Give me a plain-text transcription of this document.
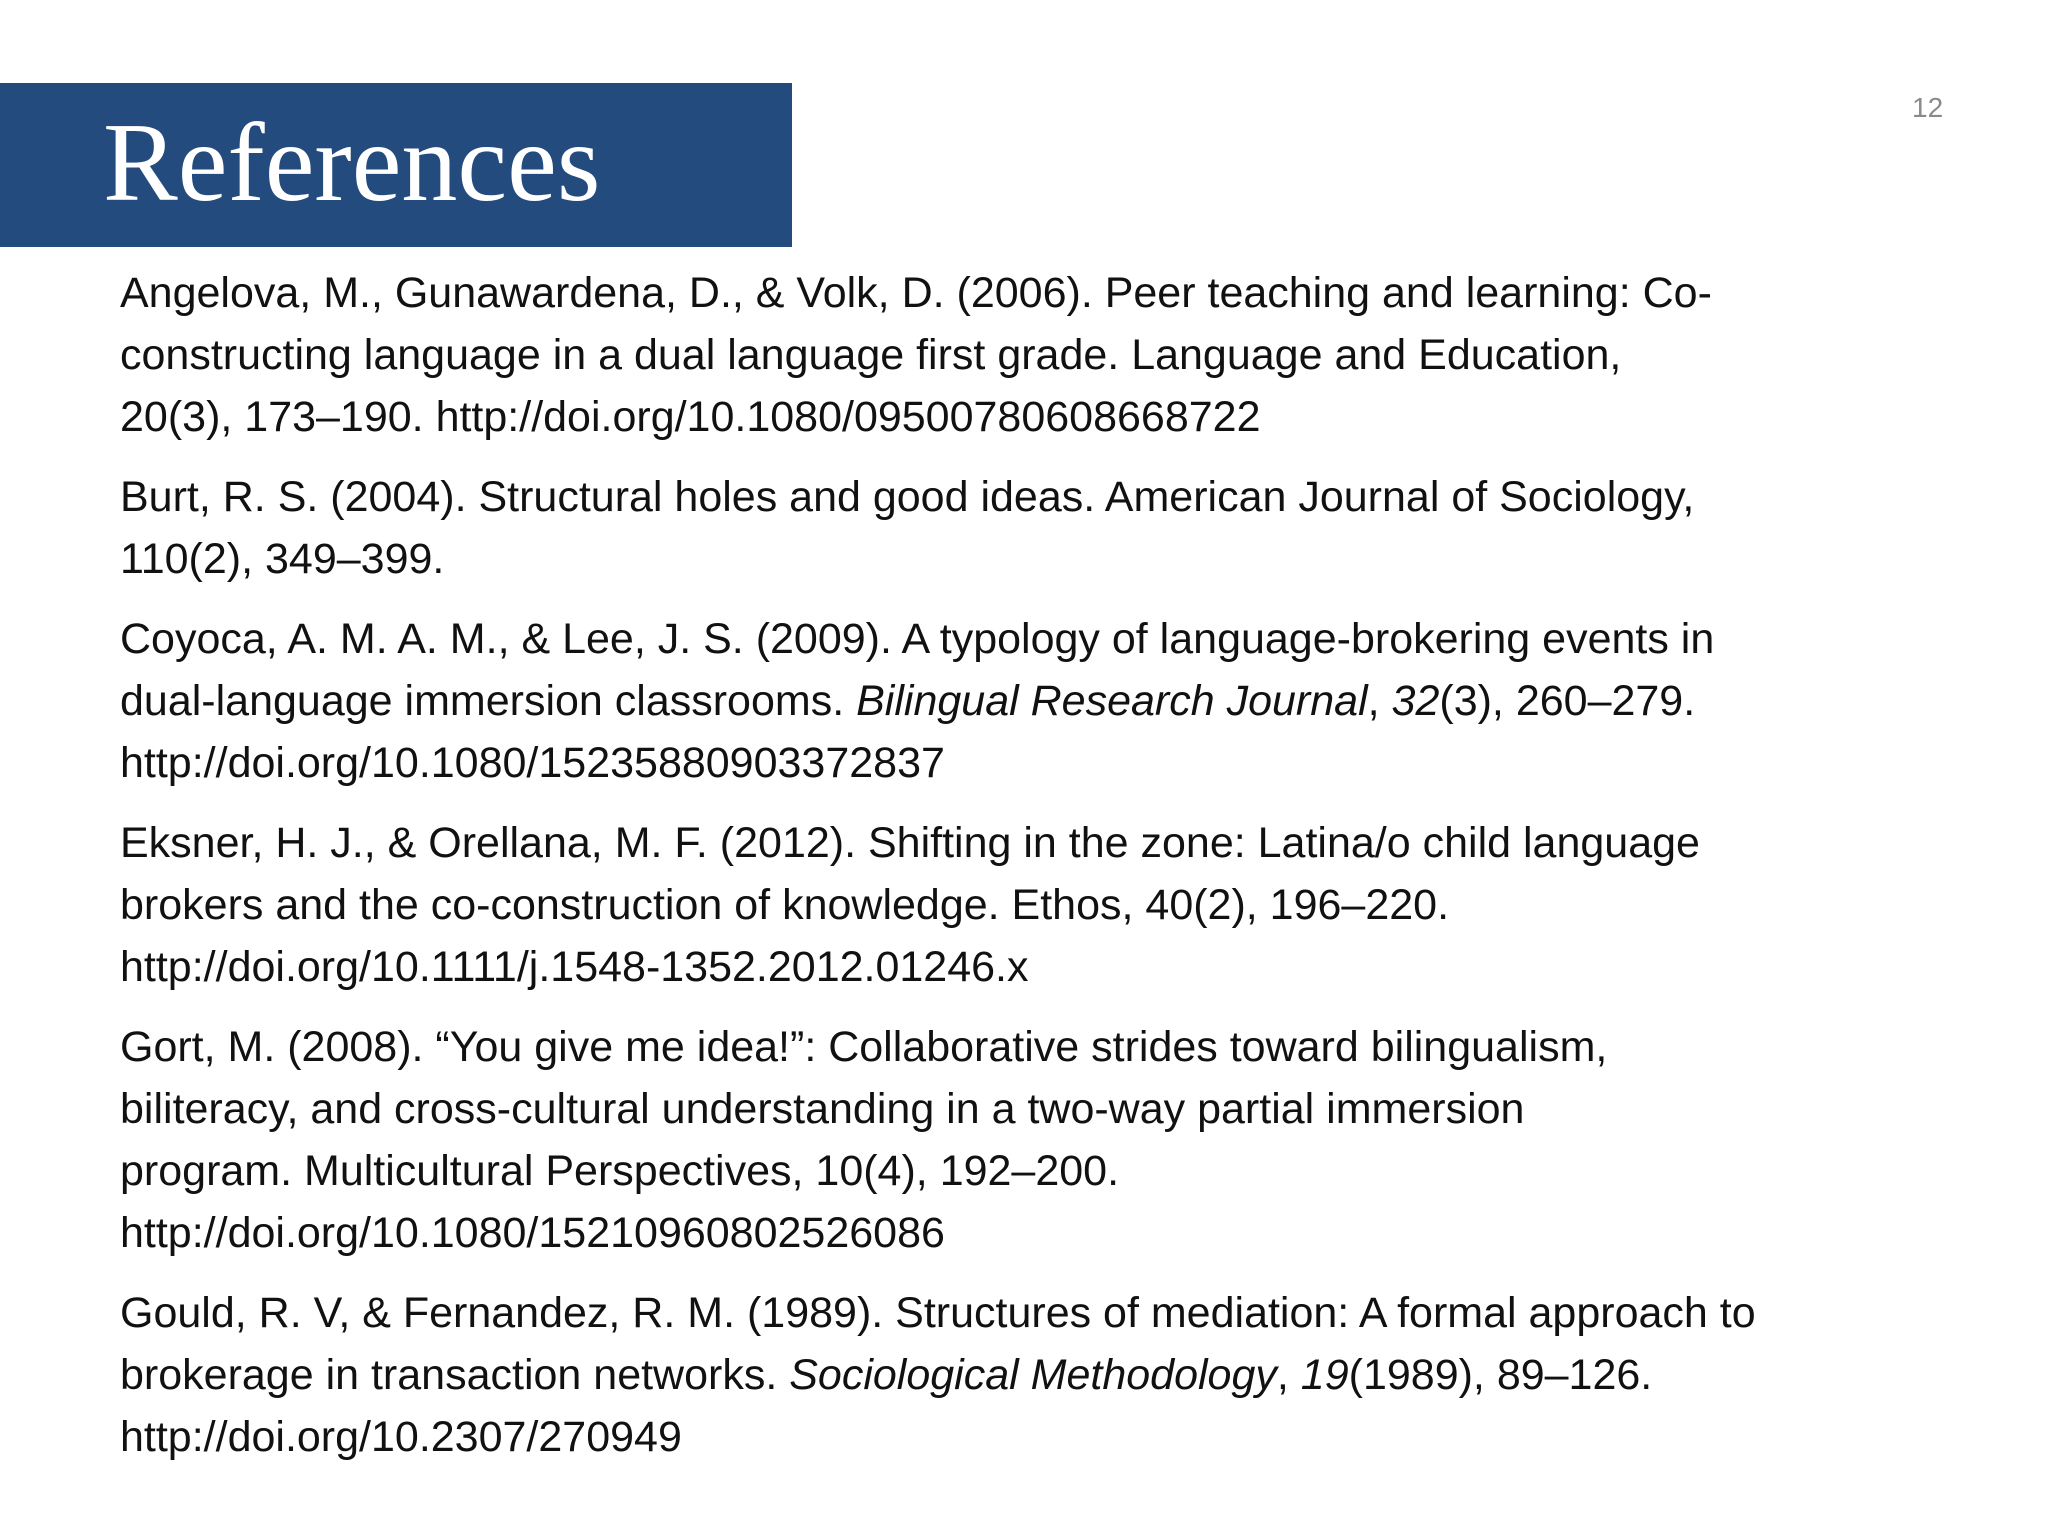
References	12
Angelova, M., Gunawardena, D., & Volk, D. (2006). Peer teaching and learning: Co-
constructing language in a dual language first grade. Language and Education,
20(3), 173–190. http://doi.org/10.1080/09500780608668722
Burt, R. S. (2004). Structural holes and good ideas. American Journal of Sociology,
110(2), 349–399.
Coyoca, A. M. A. M., & Lee, J. S. (2009). A typology of language-brokering events in
dual-language immersion classrooms. Bilingual Research Journal, 32(3), 260–279.
http://doi.org/10.1080/15235880903372837
Eksner, H. J., & Orellana, M. F. (2012). Shifting in the zone: Latina/o child language
brokers and the co-construction of knowledge. Ethos, 40(2), 196–220.
http://doi.org/10.1111/j.1548-1352.2012.01246.x
Gort, M. (2008). “You give me idea!”: Collaborative strides toward bilingualism,
biliteracy, and cross-cultural understanding in a two-way partial immersion
program. Multicultural Perspectives, 10(4), 192–200.
http://doi.org/10.1080/15210960802526086
Gould, R. V, & Fernandez, R. M. (1989). Structures of mediation: A formal approach to
brokerage in transaction networks. Sociological Methodology, 19(1989), 89–126.
http://doi.org/10.2307/270949
